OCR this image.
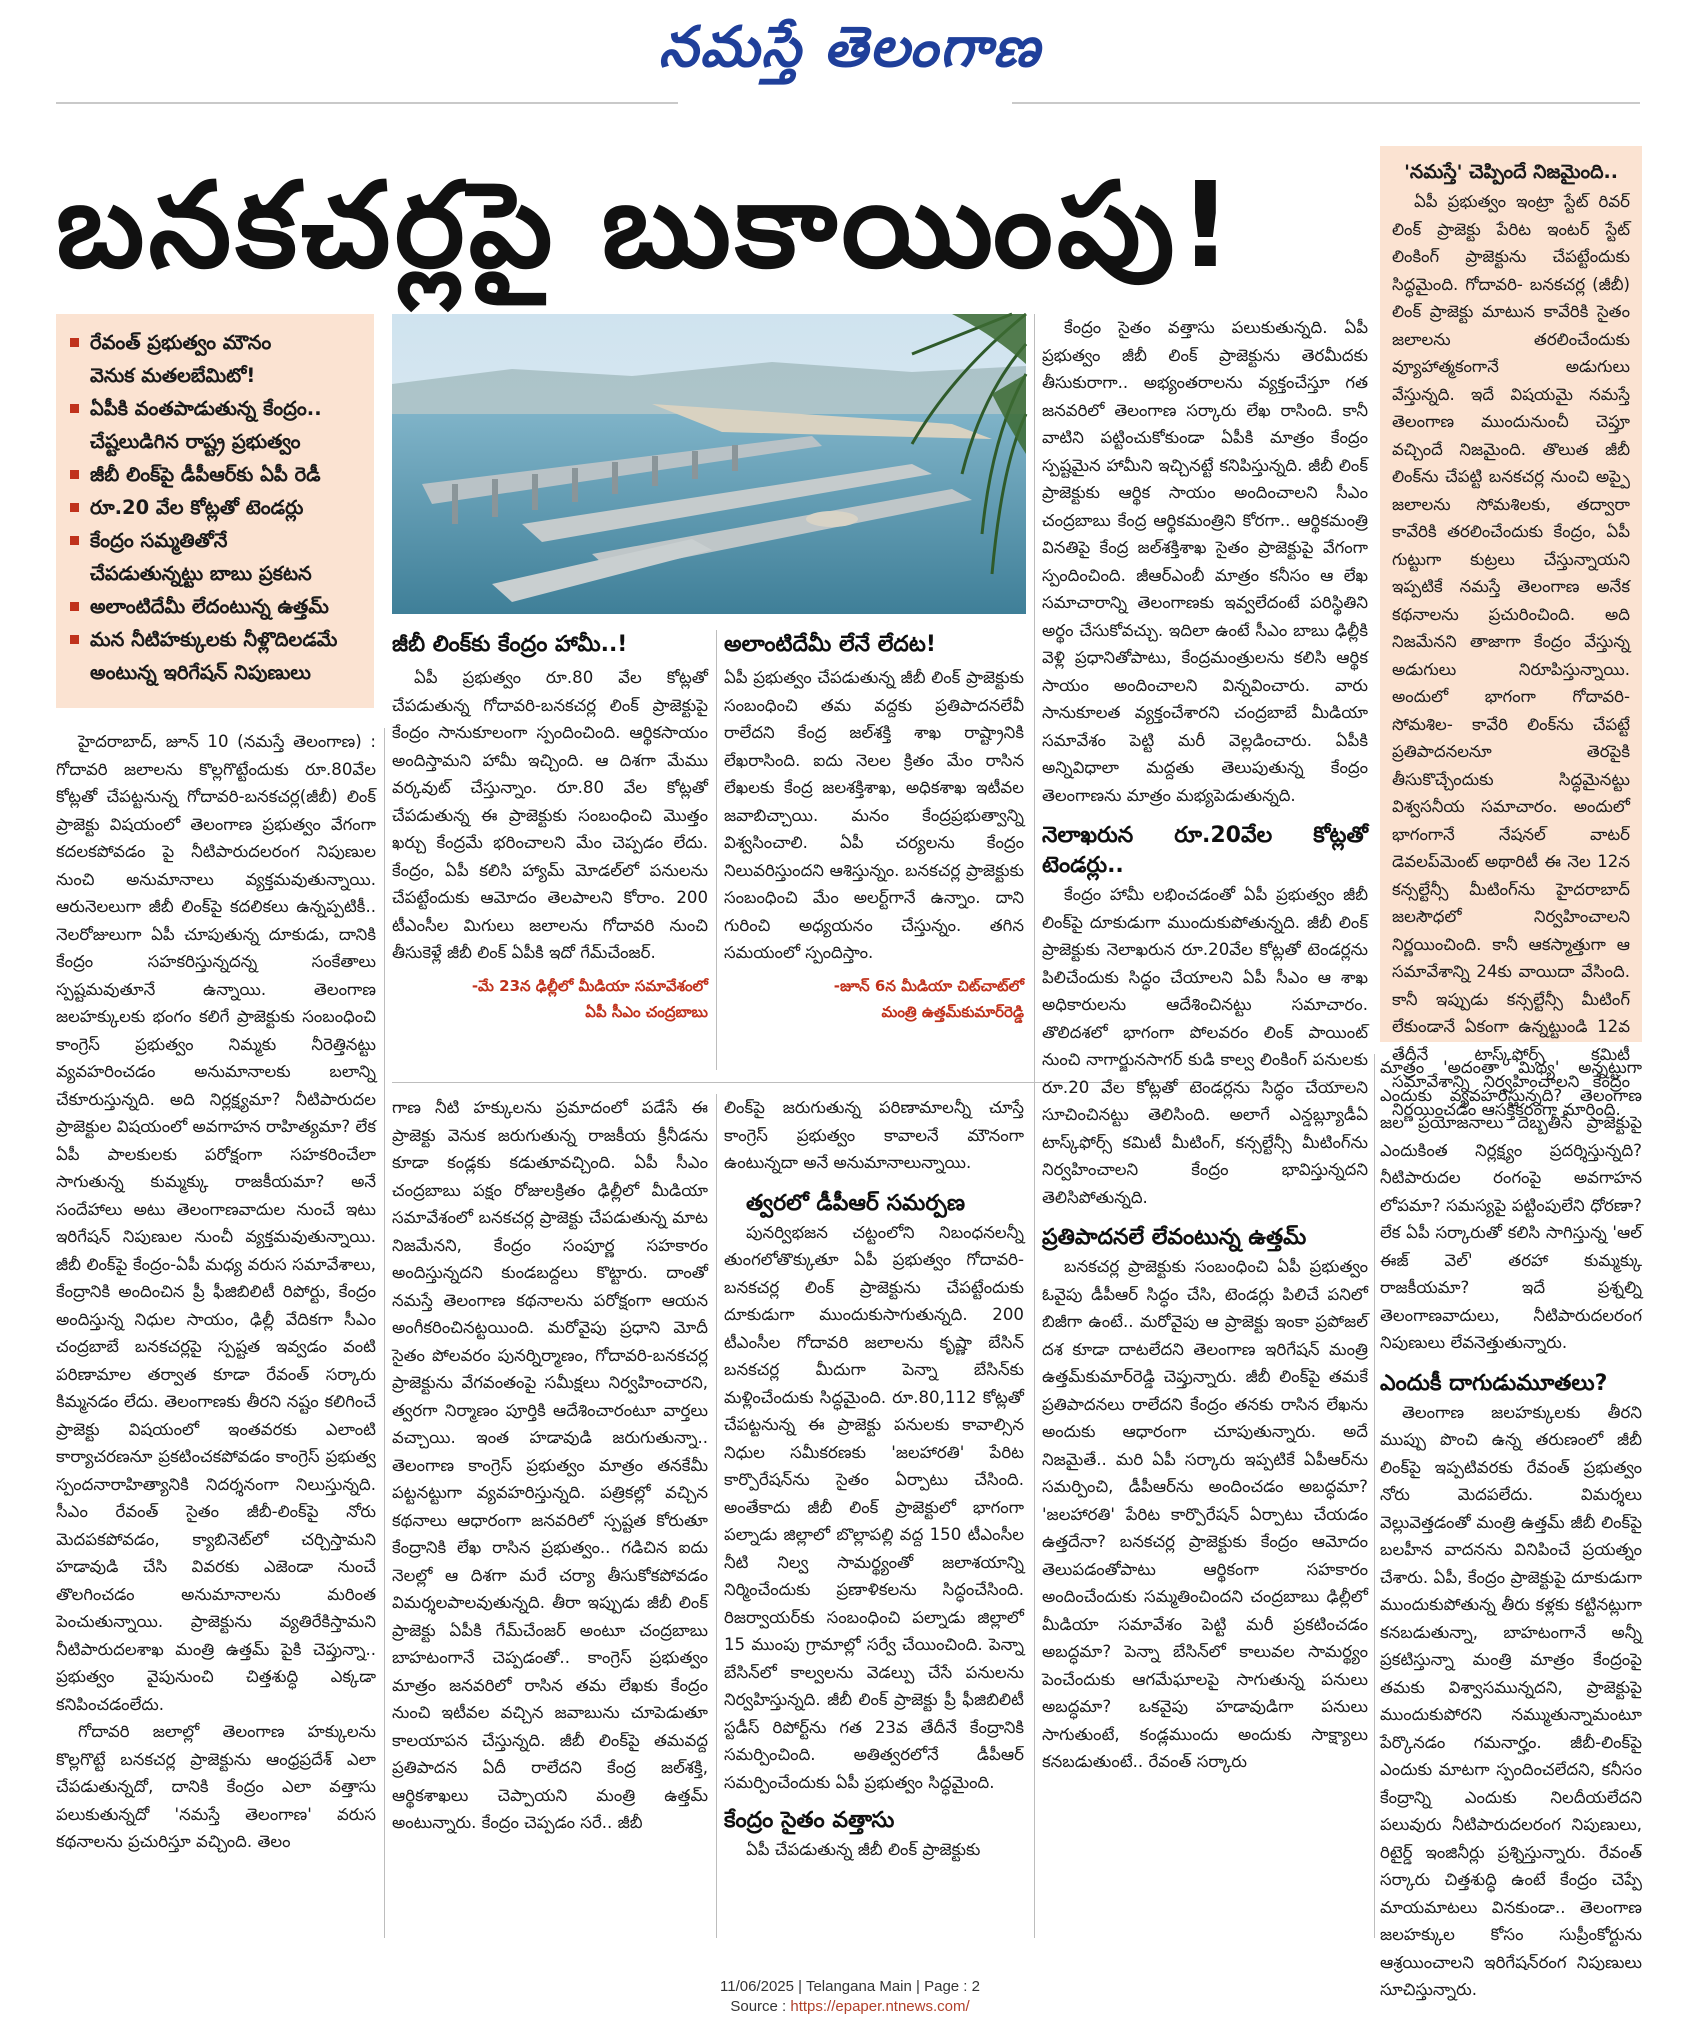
నమస్తే తెలంగాణ
బనకచర్లపై బుకాయింపు!
రేవంత్ ప్రభుత్వం మౌనం
వెనుక మతలబేమిటో!
ఏపీకి వంతపాడుతున్న కేంద్రం..
చేష్టలుడిగిన రాష్ట్ర ప్రభుత్వం
జీబీ లింక్‌పై డీపీఆర్‌కు ఏపీ రెడీ
రూ.20 వేల కోట్లతో టెండర్లు
కేంద్రం సమ్మతితోనే
చేపడుతున్నట్టు బాబు ప్రకటన
అలాంటిదేమీ లేదంటున్న ఉత్తమ్
మన నీటిహక్కులకు నీళ్లొదిలడమే
అంటున్న ఇరిగేషన్ నిపుణులు

హైదరాబాద్, జూన్ 10 (నమస్తే తెలంగాణ) : గోదావరి జలాలను కొల్లగొట్టేందుకు రూ.80వేల కోట్లతో చేపట్టనున్న గోదావరి-బనకచర్ల(జీబీ) లింక్ ప్రాజెక్టు విషయంలో తెలంగాణ ప్రభుత్వం వేగంగా కదలకపోవడం పై నీటిపారుదలరంగ నిపుణుల నుంచి అనుమానాలు వ్యక్తమవుతున్నాయి. ఆరునెలలుగా జీబీ లింక్‌పై కదలికలు ఉన్నప్పటికీ.. నెలరోజులుగా ఏపీ చూపుతున్న దూకుడు, దానికి కేంద్రం సహకరిస్తున్నదన్న సంకేతాలు స్పష్టమవుతూనే ఉన్నాయి. తెలంగాణ జలహక్కులకు భంగం కలిగే ప్రాజెక్టుకు సంబంధించి కాంగ్రెస్ ప్రభుత్వం నిమ్మకు నీరెత్తినట్టు వ్యవహరించడం అనుమానాలకు బలాన్ని చేకూరుస్తున్నది. అది నిర్లక్ష్యమా? నీటిపారుదల ప్రాజెక్టుల విషయంలో అవగాహన రాహిత్యమా? లేక ఏపీ పాలకులకు పరోక్షంగా సహకరించేలా సాగుతున్న కుమ్మక్కు రాజకీయమా? అనే సందేహాలు అటు తెలంగాణవాదుల నుంచే ఇటు ఇరిగేషన్ నిపుణుల నుంచీ వ్యక్తమవుతున్నాయి. జీబీ లింక్‌పై కేంద్రం-ఏపీ మధ్య వరుస సమావేశాలు, కేంద్రానికి అందించిన ప్రీ ఫీజిబిలిటీ రిపోర్టు, కేంద్రం అందిస్తున్న నిధుల సాయం, ఢిల్లీ వేదికగా సీఎం చంద్రబాబే బనకచర్లపై స్పష్టత ఇవ్వడం వంటి పరిణామాల తర్వాత కూడా రేవంత్ సర్కారు కిమ్మనడం లేదు. తెలంగాణకు తీరని నష్టం కలిగించే ప్రాజెక్టు విషయంలో ఇంతవరకు ఎలాంటి కార్యాచరణనూ ప్రకటించకపోవడం కాంగ్రెస్ ప్రభుత్వ స్పందనారాహిత్యానికి నిదర్శనంగా నిలుస్తున్నది. సీఎం రేవంత్ సైతం జీబీ-లింక్‌పై నోరు మెదపకపోవడం, క్యాబినెట్‌లో చర్చిస్తామని హడావుడి చేసి వివరకు ఎజెండా నుంచే తొలగించడం అనుమానాలను మరింత పెంచుతున్నాయి. ప్రాజెక్టును వ్యతిరేకిస్తామని నీటిపారుదలశాఖ మంత్రి ఉత్తమ్ పైకి చెప్తున్నా.. ప్రభుత్వం వైపునుంచి చిత్తశుద్ధి ఎక్కడా కనిపించడంలేదు.

గోదావరి జలాల్లో తెలంగాణ హక్కులను కొల్లగొట్టే బనకచర్ల ప్రాజెక్టును ఆంధ్రప్రదేశ్ ఎలా చేపడుతున్నదో, దానికి కేంద్రం ఎలా వత్తాసు పలుకుతున్నదో 'నమస్తే తెలంగాణ' వరుస కథనాలను ప్రచురిస్తూ వచ్చింది. తెలం

జీబీ లింక్‌కు కేంద్రం హామీ..!
ఏపీ ప్రభుత్వం రూ.80 వేల కోట్లతో చేపడుతున్న గోదావరి-బనకచర్ల లింక్ ప్రాజెక్టుపై కేంద్రం సానుకూలంగా స్పందించింది. ఆర్థికసాయం అందిస్తామని హామీ ఇచ్చింది. ఆ దిశగా మేము వర్కవుట్ చేస్తున్నాం. రూ.80 వేల కోట్లతో చేపడుతున్న ఈ ప్రాజెక్టుకు సంబంధించి మొత్తం ఖర్చు కేంద్రమే భరించాలని మేం చెప్పడం లేదు. కేంద్రం, ఏపీ కలిసి హ్యామ్ మోడల్‌లో పనులను చేపట్టేందుకు ఆమోదం తెలపాలని కోరాం. 200 టీఎంసీల మిగులు జలాలను గోదావరి నుంచి తీసుకెళ్లే జీబీ లింక్ ఏపీకి ఇదో గేమ్‌చేంజర్.
-మే 23న ఢిల్లీలో మీడియా సమావేశంలో
ఏపీ సీఎం చంద్రబాబు
అలాంటిదేమీ లేనే లేదట!
ఏపీ ప్రభుత్వం చేపడుతున్న జీబీ లింక్ ప్రాజెక్టుకు సంబంధించి తమ వద్దకు ప్రతిపాదనలేవీ రాలేదని కేంద్ర జల్‌శక్తి శాఖ రాష్ట్రానికి లేఖరాసింది. ఐదు నెలల క్రితం మేం రాసిన లేఖలకు కేంద్ర జలశక్తిశాఖ, అధికశాఖ ఇటీవల జవాబిచ్చాయి. మనం కేంద్రప్రభుత్వాన్ని విశ్వసించాలి. ఏపీ చర్యలను కేంద్రం నిలువరిస్తుందని ఆశిస్తున్నం. బనకచర్ల ప్రాజెక్టుకు సంబంధించి మేం అలర్ట్‌గానే ఉన్నాం. దాని గురించి అధ్యయనం చేస్తున్నం. తగిన సమయంలో స్పందిస్తాం.
-జూన్ 6న మీడియా చిట్‌చాట్‌లో
మంత్రి ఉత్తమ్‌కుమార్‌రెడ్డి

కేంద్రం సైతం వత్తాసు పలుకుతున్నది. ఏపీ ప్రభుత్వం జీబీ లింక్ ప్రాజెక్టును తెరమీదకు తీసుకురాగా.. అభ్యంతరాలను వ్యక్తంచేస్తూ గత జనవరిలో తెలంగాణ సర్కారు లేఖ రాసింది. కానీ వాటిని పట్టించుకోకుండా ఏపీకి మాత్రం కేంద్రం స్పష్టమైన హామీని ఇచ్చినట్టే కనిపిస్తున్నది. జీబీ లింక్ ప్రాజెక్టుకు ఆర్థిక సాయం అందించాలని సీఎం చంద్రబాబు కేంద్ర ఆర్థికమంత్రిని కోరగా.. ఆర్థికమంత్రి వినతిపై కేంద్ర జల్‌శక్తిశాఖ సైతం ప్రాజెక్టుపై వేగంగా స్పందించింది. జీఆర్ఎంబీ మాత్రం కనీసం ఆ లేఖ సమాచారాన్ని తెలంగాణకు ఇవ్వలేదంటే పరిస్థితిని అర్థం చేసుకోవచ్చు. ఇదిలా ఉంటే సీఎం బాబు ఢిల్లీకి వెళ్లి ప్రధానితోపాటు, కేంద్రమంత్రులను కలిసి ఆర్థిక సాయం అందించాలని విన్నవించారు. వారు సానుకూలత వ్యక్తంచేశారని చంద్రబాబే మీడియా సమావేశం పెట్టి మరీ వెల్లడించారు. ఏపీకి అన్నివిధాలా మద్దతు తెలుపుతున్న కేంద్రం తెలంగాణను మాత్రం మభ్యపెడుతున్నది.

నెలాఖరున రూ.20వేల కోట్లతో టెండర్లు..

కేంద్రం హామీ లభించడంతో ఏపీ ప్రభుత్వం జీబీ లింక్‌పై దూకుడుగా ముందుకుపోతున్నది. జీబీ లింక్ ప్రాజెక్టుకు నెలాఖరున రూ.20వేల కోట్లతో టెండర్లను పిలిచేందుకు సిద్ధం చేయాలని ఏపీ సీఎం ఆ శాఖ అధికారులను ఆదేశించినట్టు సమాచారం. తొలిదశలో భాగంగా పోలవరం లింక్ పాయింట్ నుంచి నాగార్జునసాగర్ కుడి కాల్వ లింకింగ్ పనులకు రూ.20 వేల కోట్లతో టెండర్లను సిద్ధం చేయాలని సూచించినట్టు తెలిసింది. అలాగే ఎన్డబ్ల్యూడీఏ టాస్క్‌ఫోర్స్ కమిటీ మీటింగ్, కన్సల్టేన్సీ మీటింగ్‌ను నిర్వహించాలని కేంద్రం భావిస్తున్నదని తెలిసిపోతున్నది.

ప్రతిపాదనలే లేవంటున్న ఉత్తమ్

బనకచర్ల ప్రాజెక్టుకు సంబంధించి ఏపీ ప్రభుత్వం ఓవైపు డీపీఆర్ సిద్ధం చేసి, టెండర్లు పిలిచే పనిలో బిజీగా ఉంటే.. మరోవైపు ఆ ప్రాజెక్టు ఇంకా ప్రపోజల్ దశ కూడా దాటలేదని తెలంగాణ ఇరిగేషన్ మంత్రి ఉత్తమ్‌కుమార్‌రెడ్డి చెప్తున్నారు. జీబీ లింక్‌పై తమకే ప్రతిపాదనలు రాలేదని కేంద్రం తనకు రాసిన లేఖను అందుకు ఆధారంగా చూపుతున్నారు. అదే నిజమైతే.. మరి ఏపీ సర్కారు ఇప్పటికే ఏపీఆర్‌ను సమర్పించి, డీపీఆర్‌ను అందించడం అబద్ధమా? 'జలహారతి' పేరిట కార్పొరేషన్ ఏర్పాటు చేయడం ఉత్తదేనా? బనకచర్ల ప్రాజెక్టుకు కేంద్రం ఆమోదం తెలుపడంతోపాటు ఆర్థికంగా సహకారం అందించేందుకు సమ్మతించిందని చంద్రబాబు ఢిల్లీలో మీడియా సమావేశం పెట్టి మరీ ప్రకటించడం అబద్ధమా? పెన్నా బేసిన్‌లో కాలువల సామర్థ్యం పెంచేందుకు ఆగమేఘాలపై సాగుతున్న పనులు అబద్ధమా? ఒకవైపు హడావుడిగా పనులు సాగుతుంటే, కండ్లముందు అందుకు సాక్ష్యాలు కనబడుతుంటే.. రేవంత్ సర్కారు

గాణ నీటి హక్కులను ప్రమాదంలో పడేసే ఈ ప్రాజెక్టు వెనుక జరుగుతున్న రాజకీయ క్రీనీడను కూడా కండ్లకు కడుతూవచ్చింది. ఏపీ సీఎం చంద్రబాబు పక్షం రోజులక్రితం ఢిల్లీలో మీడియా సమావేశంలో బనకచర్ల ప్రాజెక్టు చేపడుతున్న మాట నిజమేనని, కేంద్రం సంపూర్ణ సహకారం అందిస్తున్నదని కుండబద్దలు కొట్టారు. దాంతో నమస్తే తెలంగాణ కథనాలను పరోక్షంగా ఆయన అంగీకరించినట్టయింది. మరోవైపు ప్రధాని మోదీ సైతం పోలవరం పునర్నిర్మాణం, గోదావరి-బనకచర్ల ప్రాజెక్టును వేగవంతంపై సమీక్షలు నిర్వహించారని, త్వరగా నిర్మాణం పూర్తికి ఆదేశించారంటూ వార్తలు వచ్చాయి. ఇంత హడావుడి జరుగుతున్నా.. తెలంగాణ కాంగ్రెస్ ప్రభుత్వం మాత్రం తనకేమీ పట్టనట్టుగా వ్యవహరిస్తున్నది. పత్రికల్లో వచ్చిన కథనాలు ఆధారంగా జనవరిలో స్పష్టత కోరుతూ కేంద్రానికి లేఖ రాసిన ప్రభుత్వం.. గడిచిన ఐదు నెలల్లో ఆ దిశగా మరే చర్యా తీసుకోకపోవడం విమర్శలపాలవుతున్నది. తీరా ఇప్పుడు జీబీ లింక్ ప్రాజెక్టు ఏపీకి గేమ్‌చేంజర్ అంటూ చంద్రబాబు బాహటంగానే చెప్పడంతో.. కాంగ్రెస్ ప్రభుత్వం మాత్రం జనవరిలో రాసిన తమ లేఖకు కేంద్రం నుంచి ఇటీవల వచ్చిన జవాబును చూపెడుతూ కాలయాపన చేస్తున్నది. జీబీ లింక్‌పై తమవద్ద ప్రతిపాదన ఏదీ రాలేదని కేంద్ర జల్‌శక్తి, ఆర్థికశాఖలు చెప్పాయని మంత్రి ఉత్తమ్ అంటున్నారు. కేంద్రం చెప్పడం సరే.. జీబీ

లింక్‌పై జరుగుతున్న పరిణామాలన్నీ చూస్తే కాంగ్రెస్ ప్రభుత్వం కావాలనే మౌనంగా ఉంటున్నదా అనే అనుమానాలున్నాయి.

త్వరలో డీపీఆర్ సమర్పణ

పునర్విభజన చట్టంలోని నిబంధనలన్నీ తుంగలోతొక్కుతూ ఏపీ ప్రభుత్వం గోదావరి- బనకచర్ల లింక్ ప్రాజెక్టును చేపట్టేందుకు దూకుడుగా ముందుకుసాగుతున్నది. 200 టీఎంసీల గోదావరి జలాలను కృష్ణా బేసిన్ బనకచర్ల మీదుగా పెన్నా బేసిన్‌కు మళ్లించేందుకు సిద్ధమైంది. రూ.80,112 కోట్లతో చేపట్టనున్న ఈ ప్రాజెక్టు పనులకు కావాల్సిన నిధుల సమీకరణకు 'జలహారతి' పేరిట కార్పొరేషన్‌ను సైతం ఏర్పాటు చేసింది. అంతేకాదు జీబీ లింక్ ప్రాజెక్టులో భాగంగా పల్నాడు జిల్లాలో బొల్లాపల్లి వద్ద 150 టీఎంసీల నీటి నిల్వ సామర్థ్యంతో జలాశయాన్ని నిర్మించేందుకు ప్రణాళికలను సిద్ధంచేసింది. రిజర్వాయర్‌కు సంబంధించి పల్నాడు జిల్లాలో 15 ముంపు గ్రామాల్లో సర్వే చేయించింది. పెన్నా బేసిన్‌లో కాల్వలను వెడల్పు చేసే పనులను నిర్వహిస్తున్నది. జీబీ లింక్ ప్రాజెక్టు ప్రీ ఫీజిబిలిటీ స్టడీస్ రిపోర్ట్‌ను గత 23వ తేదీనే కేంద్రానికి సమర్పించింది. అతిత్వరలోనే డీపీఆర్ సమర్పించేందుకు ఏపీ ప్రభుత్వం సిద్ధమైంది.

కేంద్రం సైతం వత్తాసు

ఏపీ చేపడుతున్న జీబీ లింక్ ప్రాజెక్టుకు

'నమస్తే' చెప్పిందే నిజమైంది..
ఏపీ ప్రభుత్వం ఇంట్రా స్టేట్ రివర్ లింక్ ప్రాజెక్టు పేరిట ఇంటర్ స్టేట్ లింకింగ్ ప్రాజెక్టును చేపట్టేందుకు సిద్ధమైంది. గోదావరి- బనకచర్ల (జీబీ) లింక్ ప్రాజెక్టు మాటున కావేరికి సైతం జలాలను తరలించేందుకు వ్యూహాత్మకంగానే అడుగులు వేస్తున్నది. ఇదే విషయమై నమస్తే తెలంగాణ ముందునుంచీ చెప్తూ వచ్చిందే నిజమైంది. తొలుత జీబీ లింక్‌ను చేపట్టి బనకచర్ల నుంచి అప్పై జలాలను సోమశిలకు, తద్వారా కావేరికి తరలించేందుకు కేంద్రం, ఏపీ గుట్టుగా కుట్రలు చేస్తున్నాయని ఇప్పటికే నమస్తే తెలంగాణ అనేక కథనాలను ప్రచురించింది. అది నిజమేనని తాజాగా కేంద్రం వేస్తున్న అడుగులు నిరూపిస్తున్నాయి. అందులో భాగంగా గోదావరి- సోమశిల- కావేరి లింక్‌ను చేపట్టే ప్రతిపాదనలనూ తెరపైకి తీసుకొచ్చేందుకు సిద్ధమైనట్టు విశ్వసనీయ సమాచారం. అందులో భాగంగానే నేషనల్ వాటర్ డెవలప్‌మెంట్ అథారిటీ ఈ నెల 12న కన్సల్టేన్సీ మీటింగ్‌ను హైదరాబాద్ జలసౌధలో నిర్వహించాలని నిర్ణయించింది. కానీ ఆకస్మాత్తుగా ఆ సమావేశాన్ని 24కు వాయిదా వేసింది. కానీ ఇప్పుడు కన్సల్టేన్సీ మీటింగ్ లేకుండానే ఏకంగా ఉన్నట్టుండి 12వ తేదీనే టాస్క్‌ఫోర్స్ కమిటీ సమావేశాన్ని నిర్వహించాలని కేంద్రం నిర్ణయించడం ఆసక్తికరంగా మారింది.

మాత్రం 'అదంతా మిథ్య' అన్నట్టుగా ఎందుకు వ్యవహరిస్తున్నది? తెలంగాణ జల ప్రయోజనాలు దెబ్బతీసే ప్రాజెక్టుపై ఎందుకింత నిర్లక్ష్యం ప్రదర్శిస్తున్నది? నీటిపారుదల రంగంపై అవగాహన లోపమా? సమస్యపై పట్టింపులేని ధోరణా? లేక ఏపీ సర్కారుతో కలిసి సాగిస్తున్న 'ఆల్ ఈజ్ వెల్' తరహా కుమ్మక్కు రాజకీయమా? ఇదే ప్రశ్నల్ని తెలంగాణవాదులు, నీటిపారుదలరంగ నిపుణులు లేవనెత్తుతున్నారు.

ఎందుకీ దాగుడుమూతలు?

తెలంగాణ జలహక్కులకు తీరని ముప్పు పొంచి ఉన్న తరుణంలో జీబీ లింక్‌పై ఇప్పటివరకు రేవంత్ ప్రభుత్వం నోరు మెదపలేదు. విమర్శలు వెల్లువెత్తడంతో మంత్రి ఉత్తమ్ జీబీ లింక్‌పై బలహీన వాదనను వినిపించే ప్రయత్నం చేశారు. ఏపీ, కేంద్రం ప్రాజెక్టుపై దూకుడుగా ముందుకుపోతున్న తీరు కళ్లకు కట్టినట్లుగా కనబడుతున్నా, బాహటంగానే అన్నీ ప్రకటిస్తున్నా మంత్రి మాత్రం కేంద్రంపై తమకు విశ్వాసమున్నదని, ప్రాజెక్టుపై ముందుకుపోరని నమ్ముతున్నామంటూ పేర్కొనడం గమనార్హం. జీబీ-లింక్‌పై ఎందుకు మాటగా స్పందించలేదని, కనీసం కేంద్రాన్ని ఎందుకు నిలదీయలేదని పలువురు నీటిపారుదలరంగ నిపుణులు, రిటైర్డ్ ఇంజినీర్లు ప్రశ్నిస్తున్నారు. రేవంత్ సర్కారు చిత్తశుద్ధి ఉంటే కేంద్రం చెప్పే మాయమాటలు వినకుండా.. తెలంగాణ జలహక్కుల కోసం సుప్రీంకోర్టును ఆశ్రయించాలని ఇరిగేషన్‌రంగ నిపుణులు సూచిస్తున్నారు.

11/06/2025 | Telangana Main | Page : 2
Source : https://epaper.ntnews.com/
